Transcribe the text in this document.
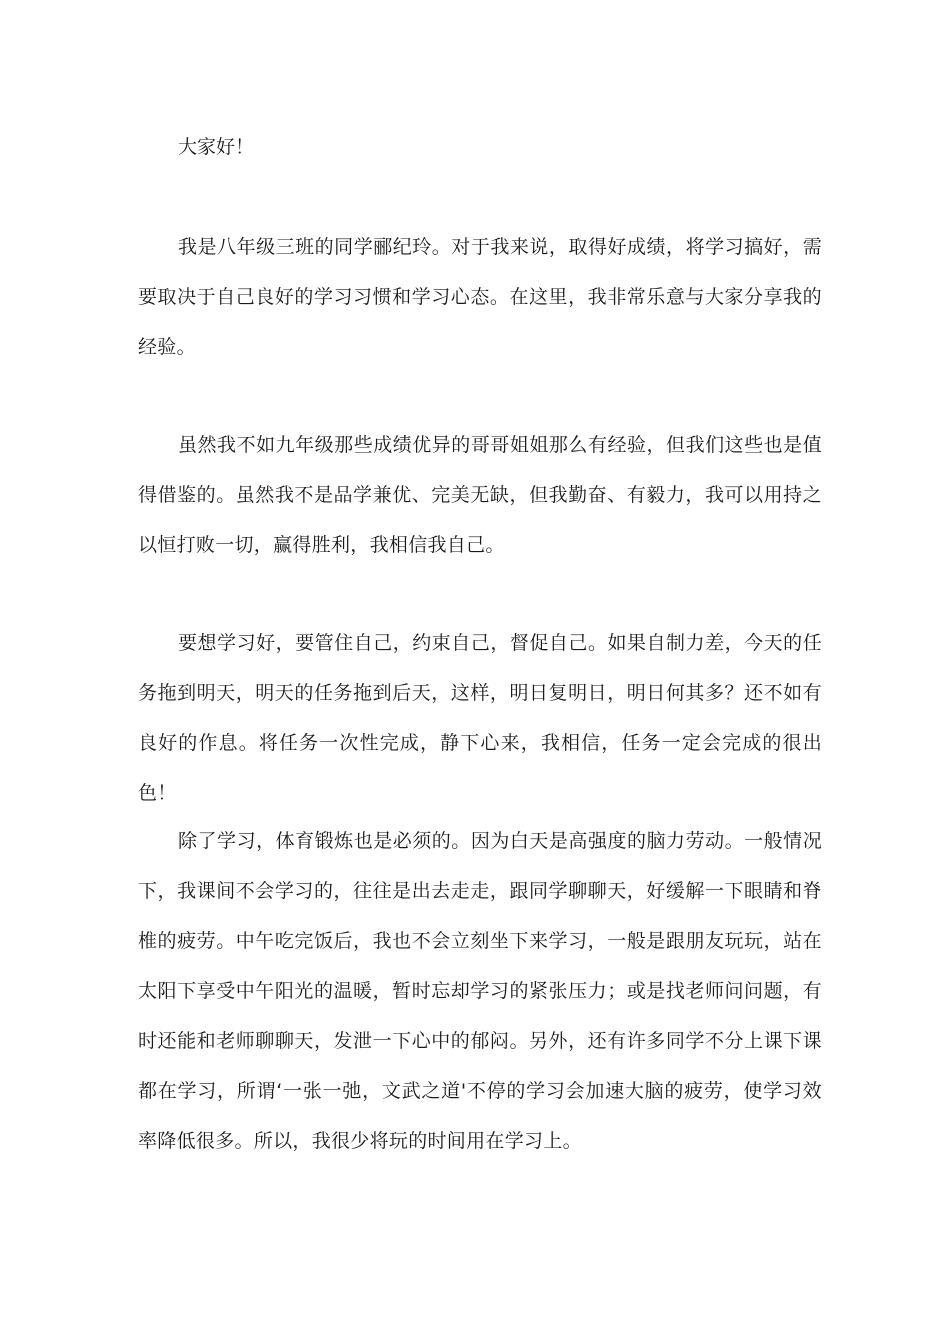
大家好！

我是八年级三班的同学郦纪玲。对于我来说，取得好成绩，将学习搞好，需要取决于自己良好的学习习惯和学习心态。在这里，我非常乐意与大家分享我的经验。

虽然我不如九年级那些成绩优异的哥哥姐姐那么有经验，但我们这些也是值得借鉴的。虽然我不是品学兼优、完美无缺，但我勤奋、有毅力，我可以用持之以恒打败一切，赢得胜利，我相信我自己。

要想学习好，要管住自己，约束自己，督促自己。如果自制力差，今天的任务拖到明天，明天的任务拖到后天，这样，明日复明日，明日何其多？还不如有良好的作息。将任务一次性完成，静下心来，我相信，任务一定会完成的很出色！

除了学习，体育锻炼也是必须的。因为白天是高强度的脑力劳动。一般情况下，我课间不会学习的，往往是出去走走，跟同学聊聊天，好缓解一下眼睛和脊椎的疲劳。中午吃完饭后，我也不会立刻坐下来学习，一般是跟朋友玩玩，站在太阳下享受中午阳光的温暖，暂时忘却学习的紧张压力；或是找老师问问题，有时还能和老师聊聊天，发泄一下心中的郁闷。另外，还有许多同学不分上课下课都在学习，所谓‘一张一弛，文武之道'不停的学习会加速大脑的疲劳，使学习效率降低很多。所以，我很少将玩的时间用在学习上。
